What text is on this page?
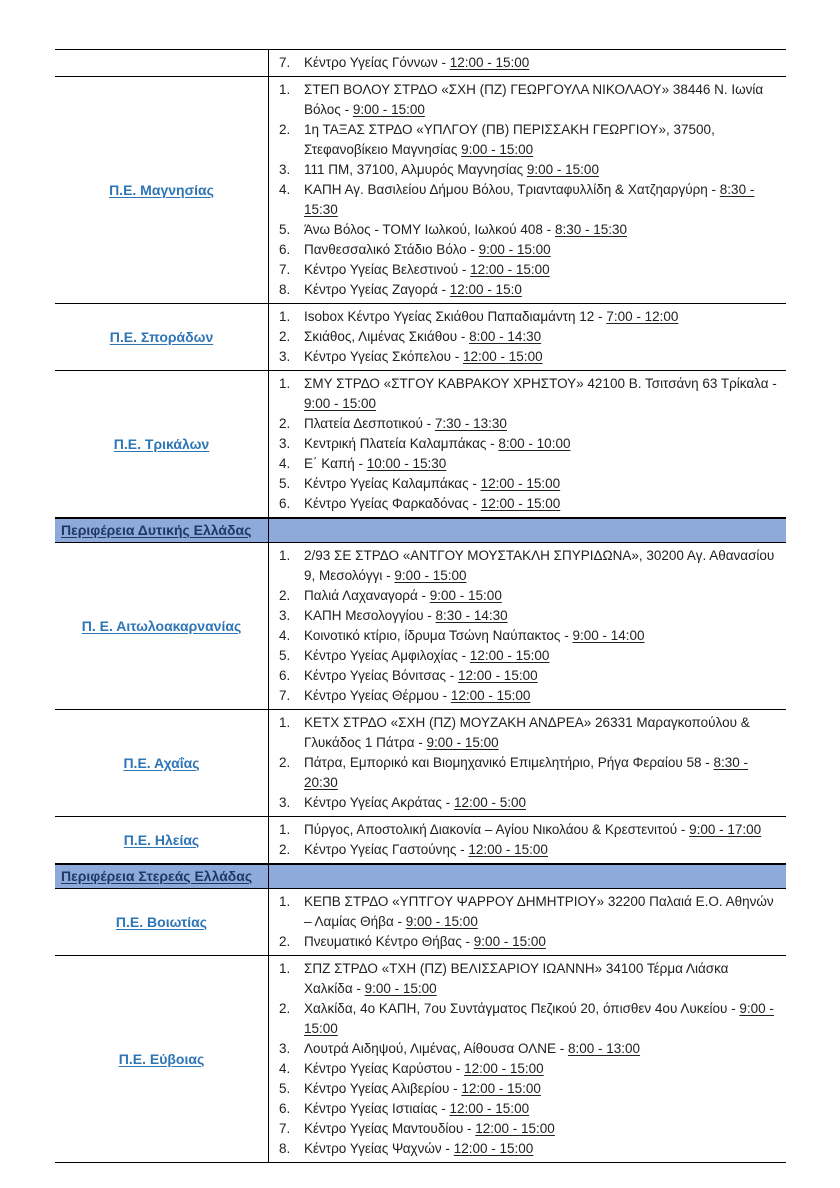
7.	Κέντρο Υγείας Γόννων - 12:00 - 15:00
Π.Ε. Μαγνησίας
1.	ΣΤΕΠ ΒΟΛΟΥ ΣΤΡΔΟ «ΣΧΗ (ΠΖ) ΓΕΩΡΓΟΥΛΑ ΝΙΚΟΛΑΟΥ» 38446 Ν. Ιωνία Βόλος - 9:00 - 15:00
2.	1η ΤΑΞΑΣ ΣΤΡΔΟ «ΥΠΛΓΟΥ (ΠΒ) ΠΕΡΙΣΣΑΚΗ ΓΕΩΡΓΙΟΥ», 37500, Στεφανοβίκειο Μαγνησίας 9:00 - 15:00
3.	111 ΠΜ, 37100, Αλμυρός Μαγνησίας 9:00 - 15:00
4.	ΚΑΠΗ Αγ. Βασιλείου Δήμου Βόλου, Τριανταφυλλίδη & Χατζηαργύρη - 8:30 - 15:30
5.	Άνω Βόλος - ΤΟΜΥ Ιωλκού, Ιωλκού 408 - 8:30 - 15:30
6.	Πανθεσσαλικό Στάδιο Βόλο - 9:00 - 15:00
7.	Κέντρο Υγείας Βελεστινού - 12:00 - 15:00
8.	Κέντρο Υγείας Ζαγορά - 12:00 - 15:0
Π.Ε. Σποράδων
1.	Isobox Κέντρο Υγείας Σκιάθου Παπαδιαμάντη 12 - 7:00 - 12:00
2.	Σκιάθος, Λιμένας Σκιάθου - 8:00 - 14:30
3.	Κέντρο Υγείας Σκόπελου - 12:00 - 15:00
Π.Ε. Τρικάλων
1.	ΣΜΥ ΣΤΡΔΟ «ΣΤΓΟΥ ΚΑΒΡΑΚΟΥ ΧΡΗΣΤΟΥ» 42100 Β. Τσιτσάνη 63 Τρίκαλα - 9:00 - 15:00
2.	Πλατεία Δεσποτικού - 7:30 - 13:30
3.	Κεντρική Πλατεία Καλαμπάκας - 8:00 - 10:00
4.	Ε΄ Καπή - 10:00 - 15:30
5.	Κέντρο Υγείας Καλαμπάκας - 12:00 - 15:00
6.	Κέντρο Υγείας Φαρκαδόνας - 12:00 - 15:00
Περιφέρεια Δυτικής Ελλάδας
Π. Ε. Αιτωλοακαρνανίας
1.	2/93 ΣΕ ΣΤΡΔΟ «ΑΝΤΓΟΥ ΜΟΥΣΤΑΚΛΗ ΣΠΥΡΙΔΩΝΑ», 30200 Αγ. Αθανασίου 9, Μεσολόγγι - 9:00 - 15:00
2.	Παλιά Λαχαναγορά - 9:00 - 15:00
3.	ΚΑΠΗ Μεσολογγίου - 8:30 - 14:30
4.	Κοινοτικό κτίριο, ίδρυμα Τσώνη Ναύπακτος - 9:00 - 14:00
5.	Κέντρο Υγείας Αμφιλοχίας - 12:00 - 15:00
6.	Κέντρο Υγείας Βόνιτσας - 12:00 - 15:00
7.	Κέντρο Υγείας Θέρμου - 12:00 - 15:00
Π.Ε. Αχαΐας
1.	ΚΕΤΧ ΣΤΡΔΟ «ΣΧΗ (ΠΖ) ΜΟΥΖΑΚΗ ΑΝΔΡΕΑ» 26331 Μαραγκοπούλου & Γλυκάδος 1 Πάτρα - 9:00 - 15:00
2.	Πάτρα, Εμπορικό και Βιομηχανικό Επιμελητήριο, Ρήγα Φεραίου 58 - 8:30 - 20:30
3.	Κέντρο Υγείας Ακράτας - 12:00 - 5:00
Π.Ε. Ηλείας
1.	Πύργος, Αποστολική Διακονία – Αγίου Νικολάου & Κρεστενιτού - 9:00 - 17:00
2.	Κέντρο Υγείας Γαστούνης - 12:00 - 15:00
Περιφέρεια Στερεάς Ελλάδας
Π.Ε. Βοιωτίας
1.	ΚΕΠΒ ΣΤΡΔΟ «ΥΠΤΓΟΥ ΨΑΡΡΟΥ ΔΗΜΗΤΡΙΟΥ» 32200 Παλαιά Ε.Ο. Αθηνών – Λαμίας Θήβα - 9:00 - 15:00
2.	Πνευματικό Κέντρο Θήβας - 9:00 - 15:00
Π.Ε. Εύβοιας
1.	ΣΠΖ ΣΤΡΔΟ «ΤΧΗ (ΠΖ) ΒΕΛΙΣΣΑΡΙΟΥ ΙΩΑΝΝΗ» 34100 Τέρμα Λιάσκα Χαλκίδα - 9:00 - 15:00
2.	Χαλκίδα, 4ο ΚΑΠΗ, 7ου Συντάγματος Πεζικού 20, όπισθεν 4ου Λυκείου - 9:00 - 15:00
3.	Λουτρά Αιδηψού, Λιμένας, Αίθουσα ΟΛΝΕ - 8:00 - 13:00
4.	Κέντρο Υγείας Καρύστου - 12:00 - 15:00
5.	Κέντρο Υγείας Αλιβερίου - 12:00 - 15:00
6.	Κέντρο Υγείας Ιστιαίας - 12:00 - 15:00
7.	Κέντρο Υγείας Μαντουδίου - 12:00 - 15:00
8.	Κέντρο Υγείας Ψαχνών - 12:00 - 15:00
